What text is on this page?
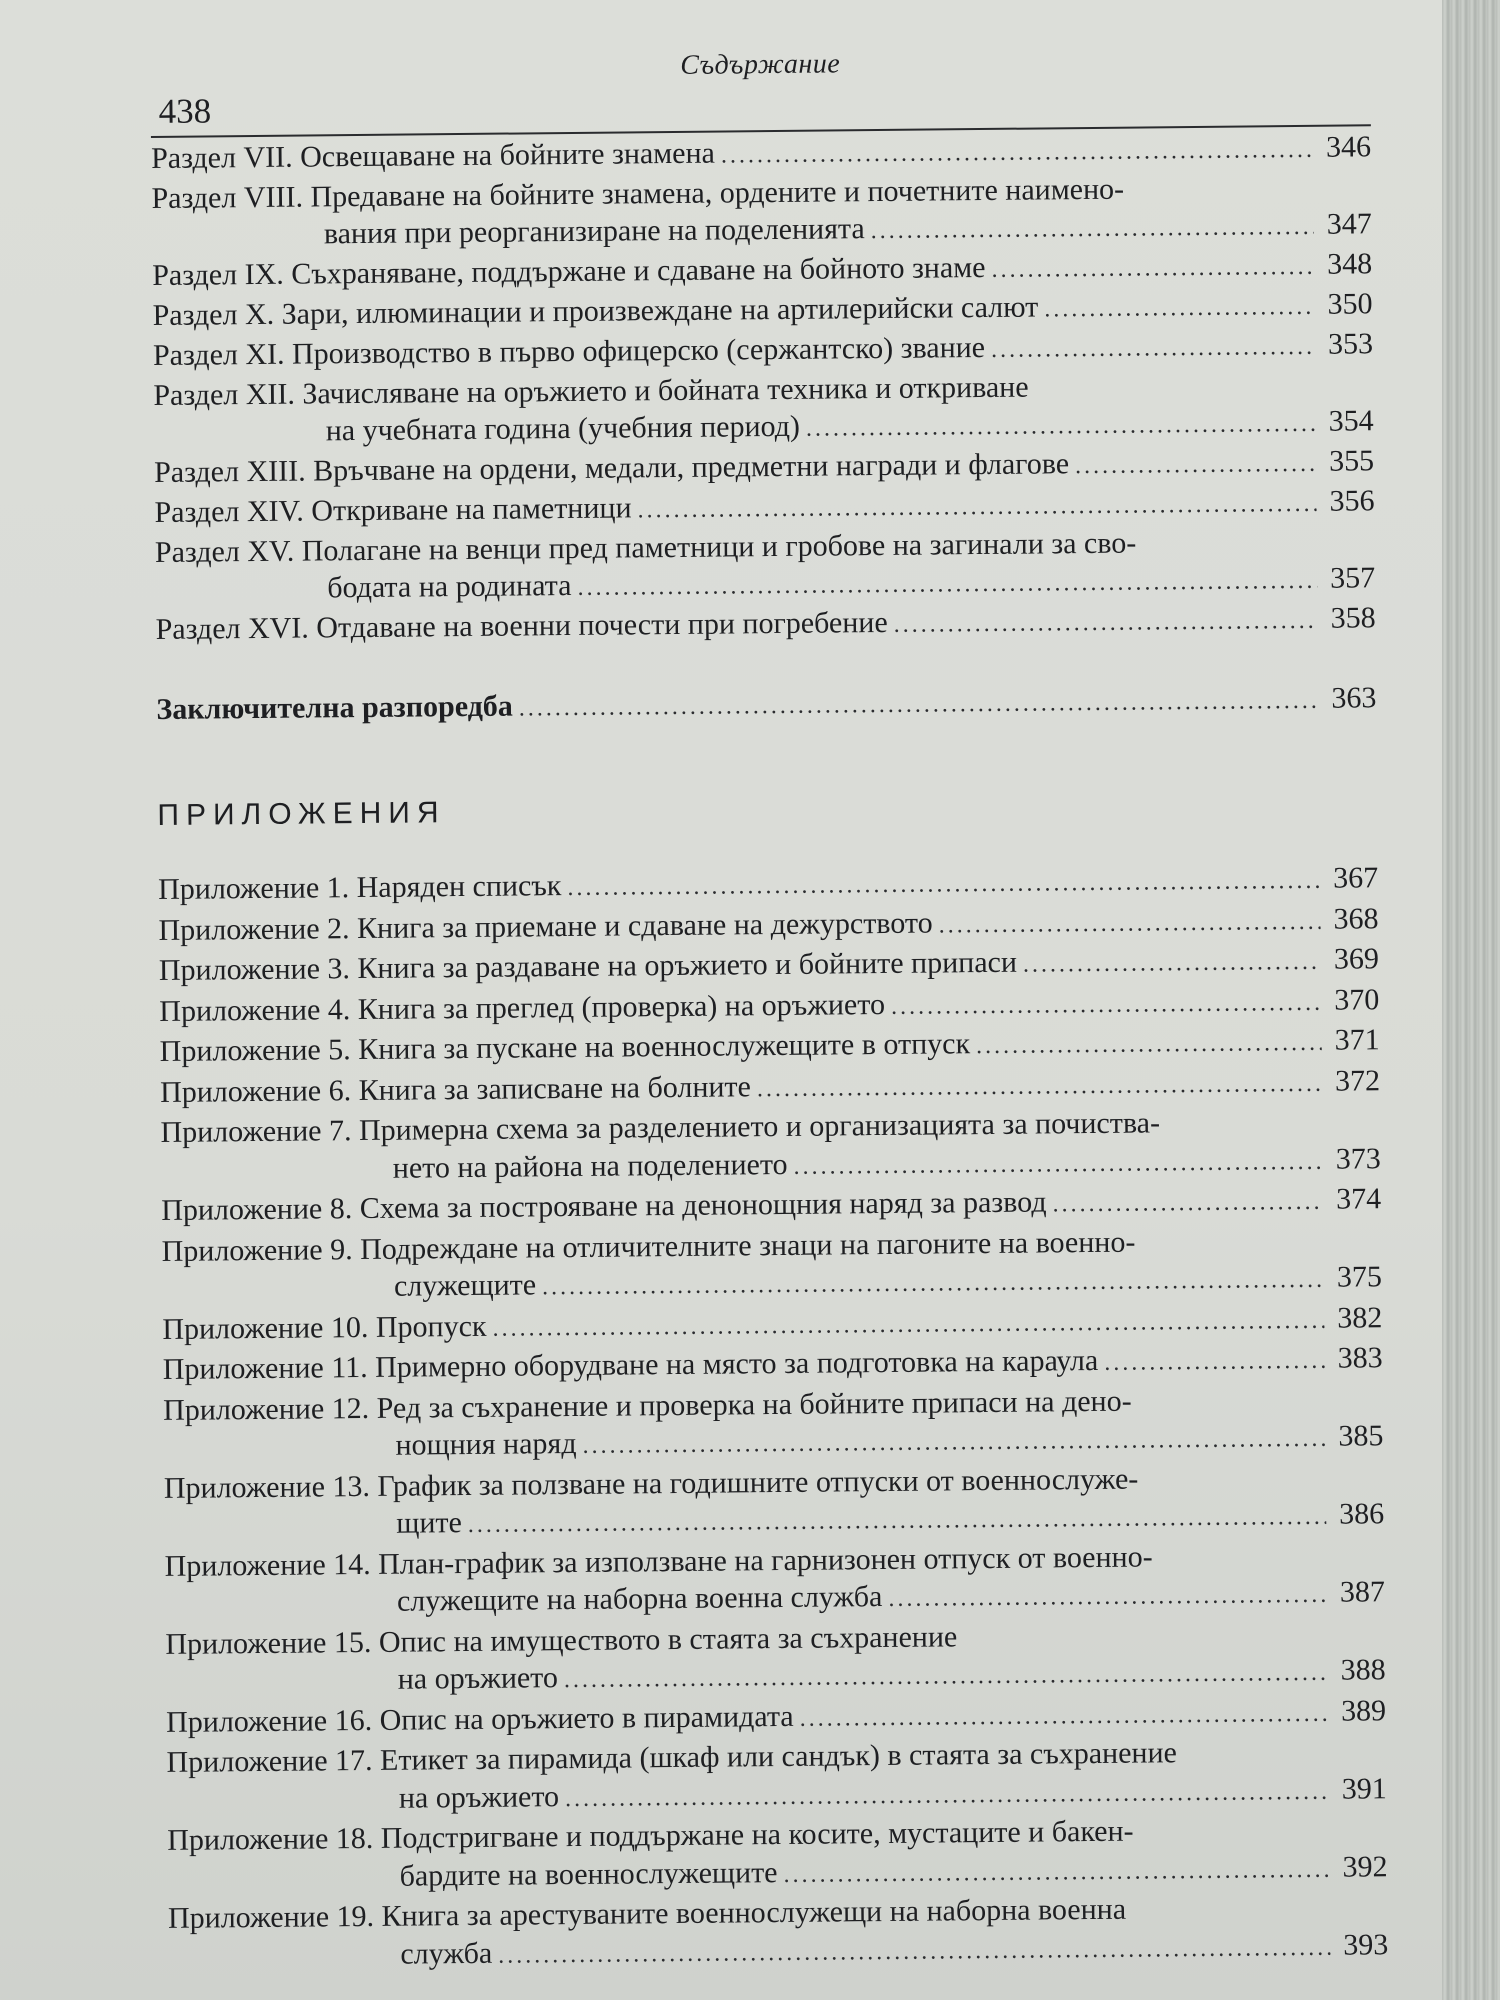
Съдържание
438
Раздел VII. Освещаване на бойните знамена .....	346
Раздел VIII. Предаване на бойните знамена, ордените и почетните наимено-
вания при реорганизиране на поделенията .....	347
Раздел IX. Съхраняване, поддържане и сдаване на бойното знаме .....	348
Раздел X. Зари, илюминации и произвеждане на артилерийски салют .....	350
Раздел XI. Производство в първо офицерско (сержантско) звание .....	353
Раздел XII. Зачисляване на оръжието и бойната техника и откриване
на учебната година (учебния период) .....	354
Раздел XIII. Връчване на ордени, медали, предметни награди и флагове .....	355
Раздел XIV. Откриване на паметници .....	356
Раздел XV. Полагане на венци пред паметници и гробове на загинали за сво-
бодата на родината .....	357
Раздел XVI. Отдаване на военни почести при погребение .....	358
Заключителна разпоредба .....	363
ПРИЛОЖЕНИЯ
Приложение 1. Наряден списък .....	367
Приложение 2. Книга за приемане и сдаване на дежурството .....	368
Приложение 3. Книга за раздаване на оръжието и бойните припаси .....	369
Приложение 4. Книга за преглед (проверка) на оръжието .....	370
Приложение 5. Книга за пускане на военнослужещите в отпуск .....	371
Приложение 6. Книга за записване на болните .....	372
Приложение 7. Примерна схема за разделението и организацията за почиства-
нето на района на поделението .....	373
Приложение 8. Схема за построяване на денонощния наряд за развод .....	374
Приложение 9. Подреждане на отличителните знаци на пагоните на военно-
служещите .....	375
Приложение 10. Пропуск .....	382
Приложение 11. Примерно оборудване на място за подготовка на караула .....	383
Приложение 12. Ред за съхранение и проверка на бойните припаси на дено-
нощния наряд .....	385
Приложение 13. График за ползване на годишните отпуски от военнослуже-
щите .....	386
Приложение 14. План-график за използване на гарнизонен отпуск от военно-
служещите на наборна военна служба .....	387
Приложение 15. Опис на имуществото в стаята за съхранение
на оръжието .....	388
Приложение 16. Опис на оръжието в пирамидата .....	389
Приложение 17. Етикет за пирамида (шкаф или сандък) в стаята за съхранение
на оръжието .....	391
Приложение 18. Подстригване и поддържане на косите, мустаците и бакен-
бардите на военнослужещите .....	392
Приложение 19. Книга за арестуваните военнослужещи на наборна военна
служба .....	393
